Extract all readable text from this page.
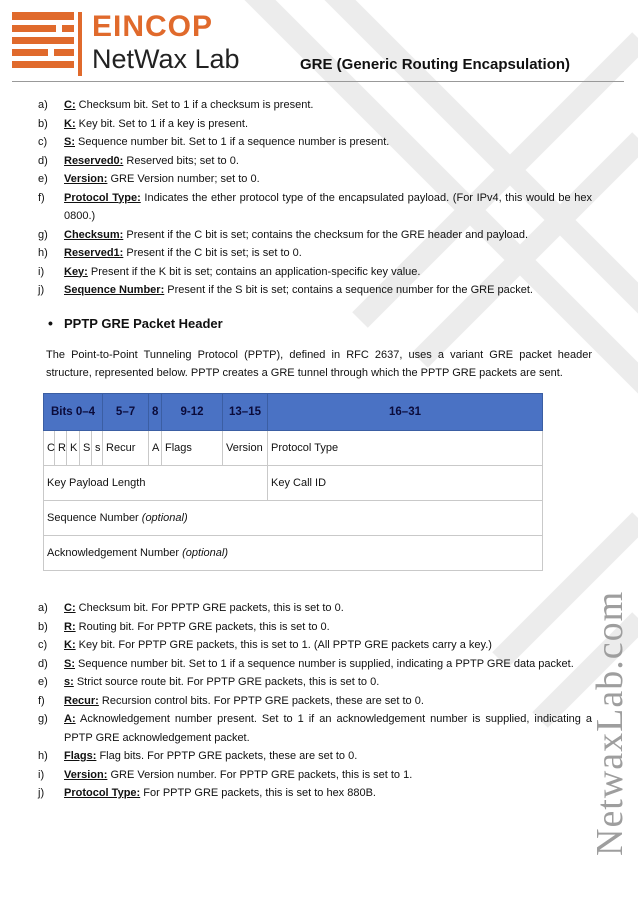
EINCOP
NetWax Lab	GRE (Generic Routing Encapsulation)
a) C: Checksum bit. Set to 1 if a checksum is present.
b) K: Key bit. Set to 1 if a key is present.
c) S: Sequence number bit. Set to 1 if a sequence number is present.
d) Reserved0: Reserved bits; set to 0.
e) Version: GRE Version number; set to 0.
f) Protocol Type: Indicates the ether protocol type of the encapsulated payload. (For IPv4, this would be hex 0800.)
g) Checksum: Present if the C bit is set; contains the checksum for the GRE header and payload.
h) Reserved1: Present if the C bit is set; is set to 0.
i) Key: Present if the K bit is set; contains an application-specific key value.
j) Sequence Number: Present if the S bit is set; contains a sequence number for the GRE packet.
• PPTP GRE Packet Header

The Point-to-Point Tunneling Protocol (PPTP), defined in RFC 2637, uses a variant GRE packet header structure, represented below. PPTP creates a GRE tunnel through which the PPTP GRE packets are sent.

Bits 0–4					5–7	8	9-12	13–15	16–31
C	R	K	S	s	Recur	A	Flags	Version	Protocol Type
Key Payload Length									Key Call ID
Sequence Number (optional)									
Acknowledgement Number (optional)									
a) C: Checksum bit. For PPTP GRE packets, this is set to 0.
b) R: Routing bit. For PPTP GRE packets, this is set to 0.
c) K: Key bit. For PPTP GRE packets, this is set to 1. (All PPTP GRE packets carry a key.)
d) S: Sequence number bit. Set to 1 if a sequence number is supplied, indicating a PPTP GRE data packet.
e) s: Strict source route bit. For PPTP GRE packets, this is set to 0.
f) Recur: Recursion control bits. For PPTP GRE packets, these are set to 0.
g) A: Acknowledgement number present. Set to 1 if an acknowledgement number is supplied, indicating a PPTP GRE acknowledgement packet.
h) Flags: Flag bits. For PPTP GRE packets, these are set to 0.
i) Version: GRE Version number. For PPTP GRE packets, this is set to 1.
j) Protocol Type: For PPTP GRE packets, this is set to hex 880B.	NetwaxLab.com
